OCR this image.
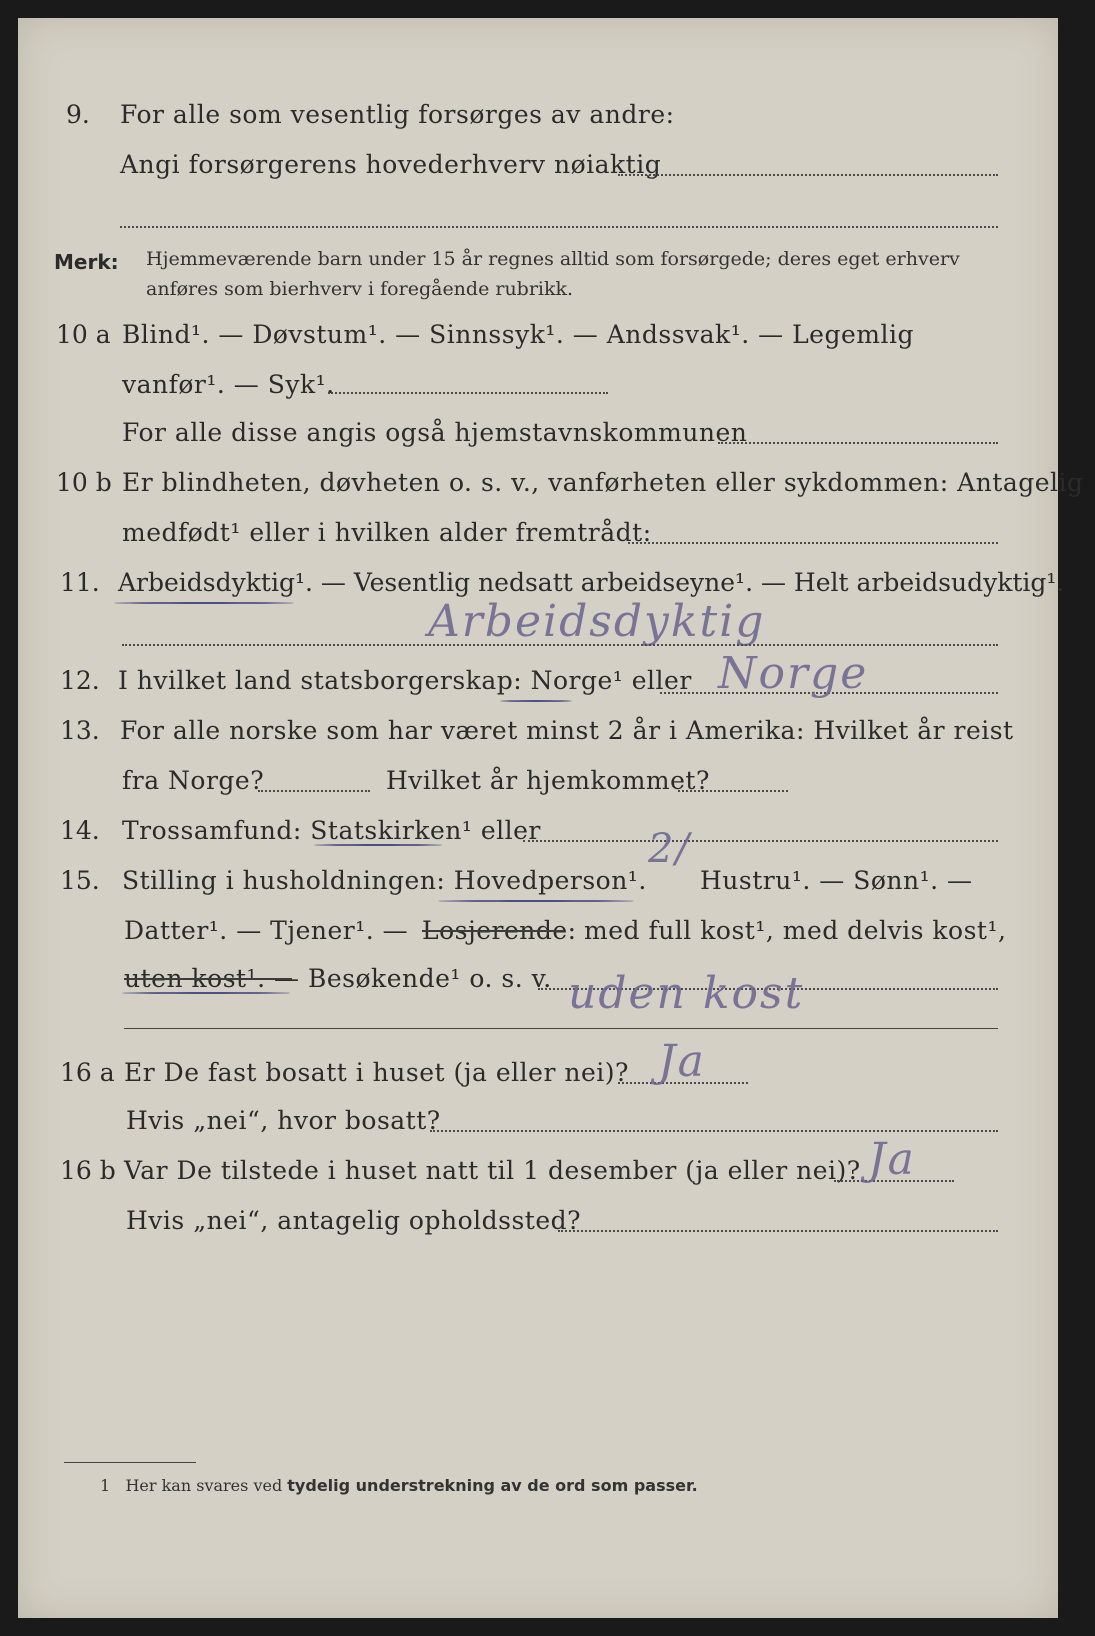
9. For alle som vesentlig forsørges av andre:
Angi forsørgerens hovederhverv nøiaktig
Merk: Hjemmeværende barn under 15 år regnes alltid som forsørgede; deres eget erhverv
anføres som bierhverv i foregående rubrikk.
10 a Blind¹. — Døvstum¹. — Sinnssyk¹. — Andssvak¹. — Legemlig
vanfør¹. — Syk¹.
For alle disse angis også hjemstavnskommunen
10 b Er blindheten, døvheten o. s. v., vanførheten eller sykdommen: Antagelig
medfødt¹ eller i hvilken alder fremtrådt:
11. Arbeidsdyktig¹. — Vesentlig nedsatt arbeidseyne¹. — Helt arbeidsudyktig¹.
Arbeidsdyktig
12. I hvilket land statsborgerskap: Norge¹ eller Norge
13. For alle norske som har været minst 2 år i Amerika: Hvilket år reist
fra Norge?	Hvilket år hjemkommet?
14. Trossamfund: Statskirken¹ eller
15. Stilling i husholdningen: Hovedperson¹.
2/
Hustru¹. — Sønn¹. —
Datter¹. — Tjener¹. — Losjerende: med full kost¹, med delvis kost¹,
uten kost¹. — Besøkende¹ o. s. v. uden kost
16 a Er De fast bosatt i huset (ja eller nei)? Ja
Hvis „nei“, hvor bosatt?
16 b Var De tilstede i huset natt til 1 desember (ja eller nei)? Ja
Hvis „nei“, antagelig opholdssted?
1 Her kan svares ved tydelig understrekning av de ord som passer.
